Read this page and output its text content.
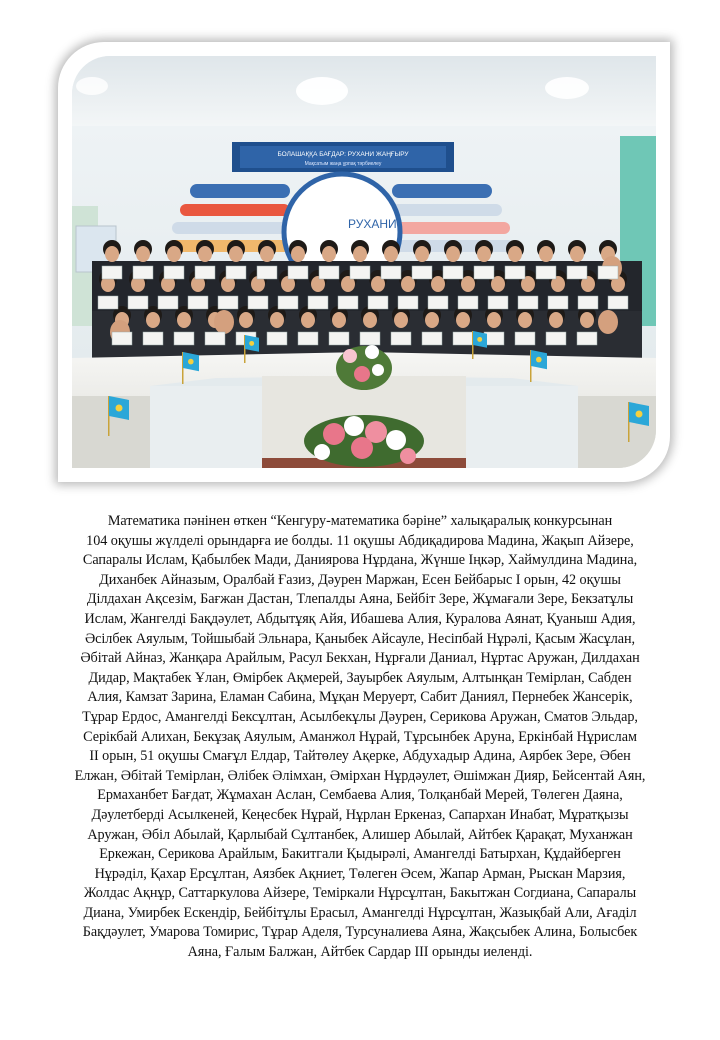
БОЛАШАҚҚА БАҒДАР: РУХАНИ ЖАҢҒЫРУ
Мақсатым жаңа ұрпақ тәрбиелеу
РУХАНИ
Математика пәнінен өткен “Кенгуру-математика бәріне” халықаралық конкурсынан
104 оқушы жүлделі орындарға ие болды. 11 оқушы Абдиқадирова Мадина, Жақып Айзере,
Сапаралы Ислам, Қабылбек Мади, Даниярова Нұрдана, Жүнше Іңкәр, Хаймулдина Мадина,
Диханбек Айназым, Оралбай Ғазиз, Дәурен Маржан, Есен Бейбарыс I орын, 42 оқушы
Ділдахан Ақсезім, Бағжан Дастан, Тлепалды Аяна, Бейбіт Зере, Жұмағали Зере, Бекзатұлы
Ислам, Жангелді Бақдәулет, Абдытұяқ Айя, Ибашева Алия, Куралова Аянат, Қуаныш Адия,
Әсілбек Аяулым, Тойшыбай Эльнара, Қаныбек Айсауле, Несіпбай Нұрәлі, Қасым Жасұлан,
Әбітай Айназ, Жанқара Арайлым, Расул Бекхан, Нұрғали Даниал, Нұртас Аружан, Дилдахан
Дидар, Мақтабек Ұлан, Өмірбек Ақмерей, Зауырбек Аяулым, Алтынқан Темірлан, Сабден
Алия, Камзат Зарина, Еламан Сабина, Мұқан Меруерт, Сабит Даниял, Пернебек Жансерік,
Тұрар Ердос, Амангелді Бексұлтан, Асылбекұлы Дәурен, Серикова Аружан, Сматов Эльдар,
Серікбай Алихан, Бекұзақ Аяулым, Аманжол Нұрай, Тұрсынбек Аруна, Еркінбай Нұрислам
II орын, 51 оқушы Смағұл Елдар, Тайтөлеу Ақерке, Абдухадыр Адина, Аярбек Зере, Әбен
Елжан, Әбітай Темірлан, Әлібек Әлімхан, Әмірхан Нұрдәулет, Әшімжан Дияр, Бейсентай Аян,
Ермаханбет Бағдат, Жұмахан Аслан, Сембаева Алия, Толқанбай Мерей, Төлеген Даяна,
Дәулетберді Асылкеней, Кеңесбек Нұрай, Нұрлан Еркеназ, Сапархан Инабат, Мұратқызы
Аружан, Әбіл Абылай, Қарлыбай Сұлтанбек, Алишер Абылай, Айтбек Қарақат, Муханжан
Еркежан, Серикова Арайлым, Бакитгали Қыдырәлі, Амангелді Батырхан, Құдайберген
Нұрәділ, Қахар Ерсұлтан, Аязбек Ақниет, Төлеген Әсем, Жапар Арман, Рыскан Марзия,
Жолдас Ақнұр, Саттаркулова Айзере, Теміркали Нұрсұлтан, Бакытжан Согдиана, Сапаралы
Диана, Умирбек Ескендір, Бейбітұлы Ерасыл, Амангелді Нұрсұлтан, Жазықбай Али, Ағаділ
Бақдәулет, Умарова Томирис, Тұрар Аделя, Турсуналиева Аяна, Жақсыбек Алина, Болысбек
Аяна, Ғалым Балжан, Айтбек Сардар III орынды иеленді.
